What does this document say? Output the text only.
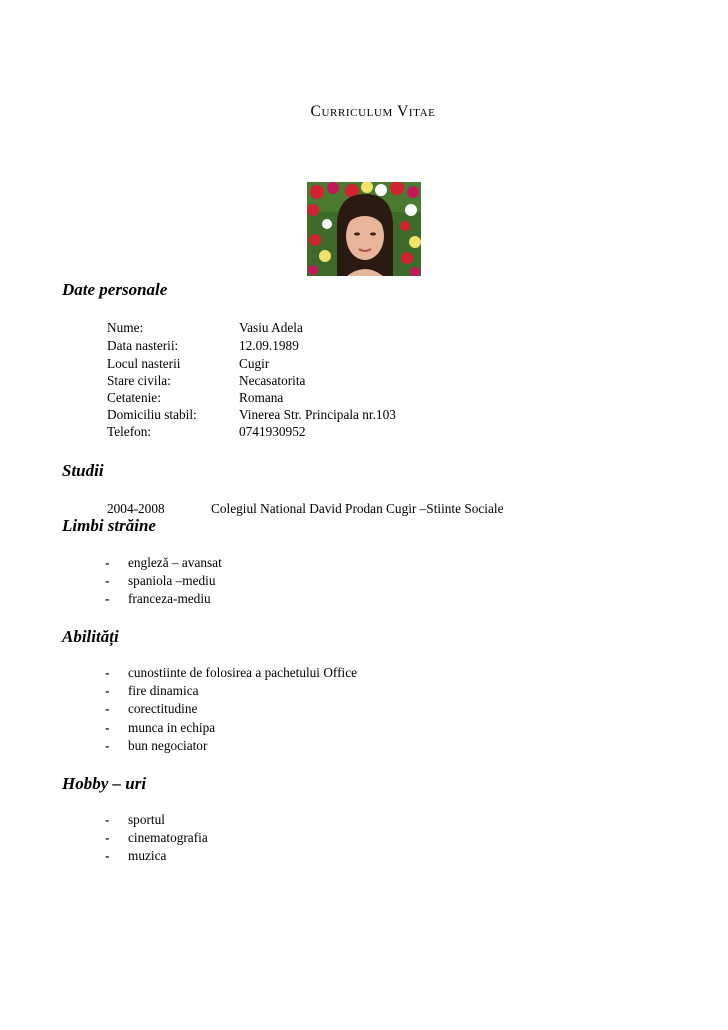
Curriculum Vitae
Date personale
Nume:	Vasiu Adela
Data nasterii:	12.09.1989
Locul nasterii	Cugir
Stare civila:	Necasatorita
Cetatenie:	Romana
Domiciliu stabil:	Vinerea Str. Principala nr.103
Telefon:	0741930952
Studii
2004-2008	Colegiul National David Prodan Cugir –Stiinte Sociale
Limbi străine
- engleză – avansat
- spaniola –mediu
- franceza-mediu
Abilități
- cunostiinte de folosirea a pachetului Office
- fire dinamica
- corectitudine
- munca in echipa
- bun negociator
Hobby – uri
- sportul
- cinematografia
- muzica
